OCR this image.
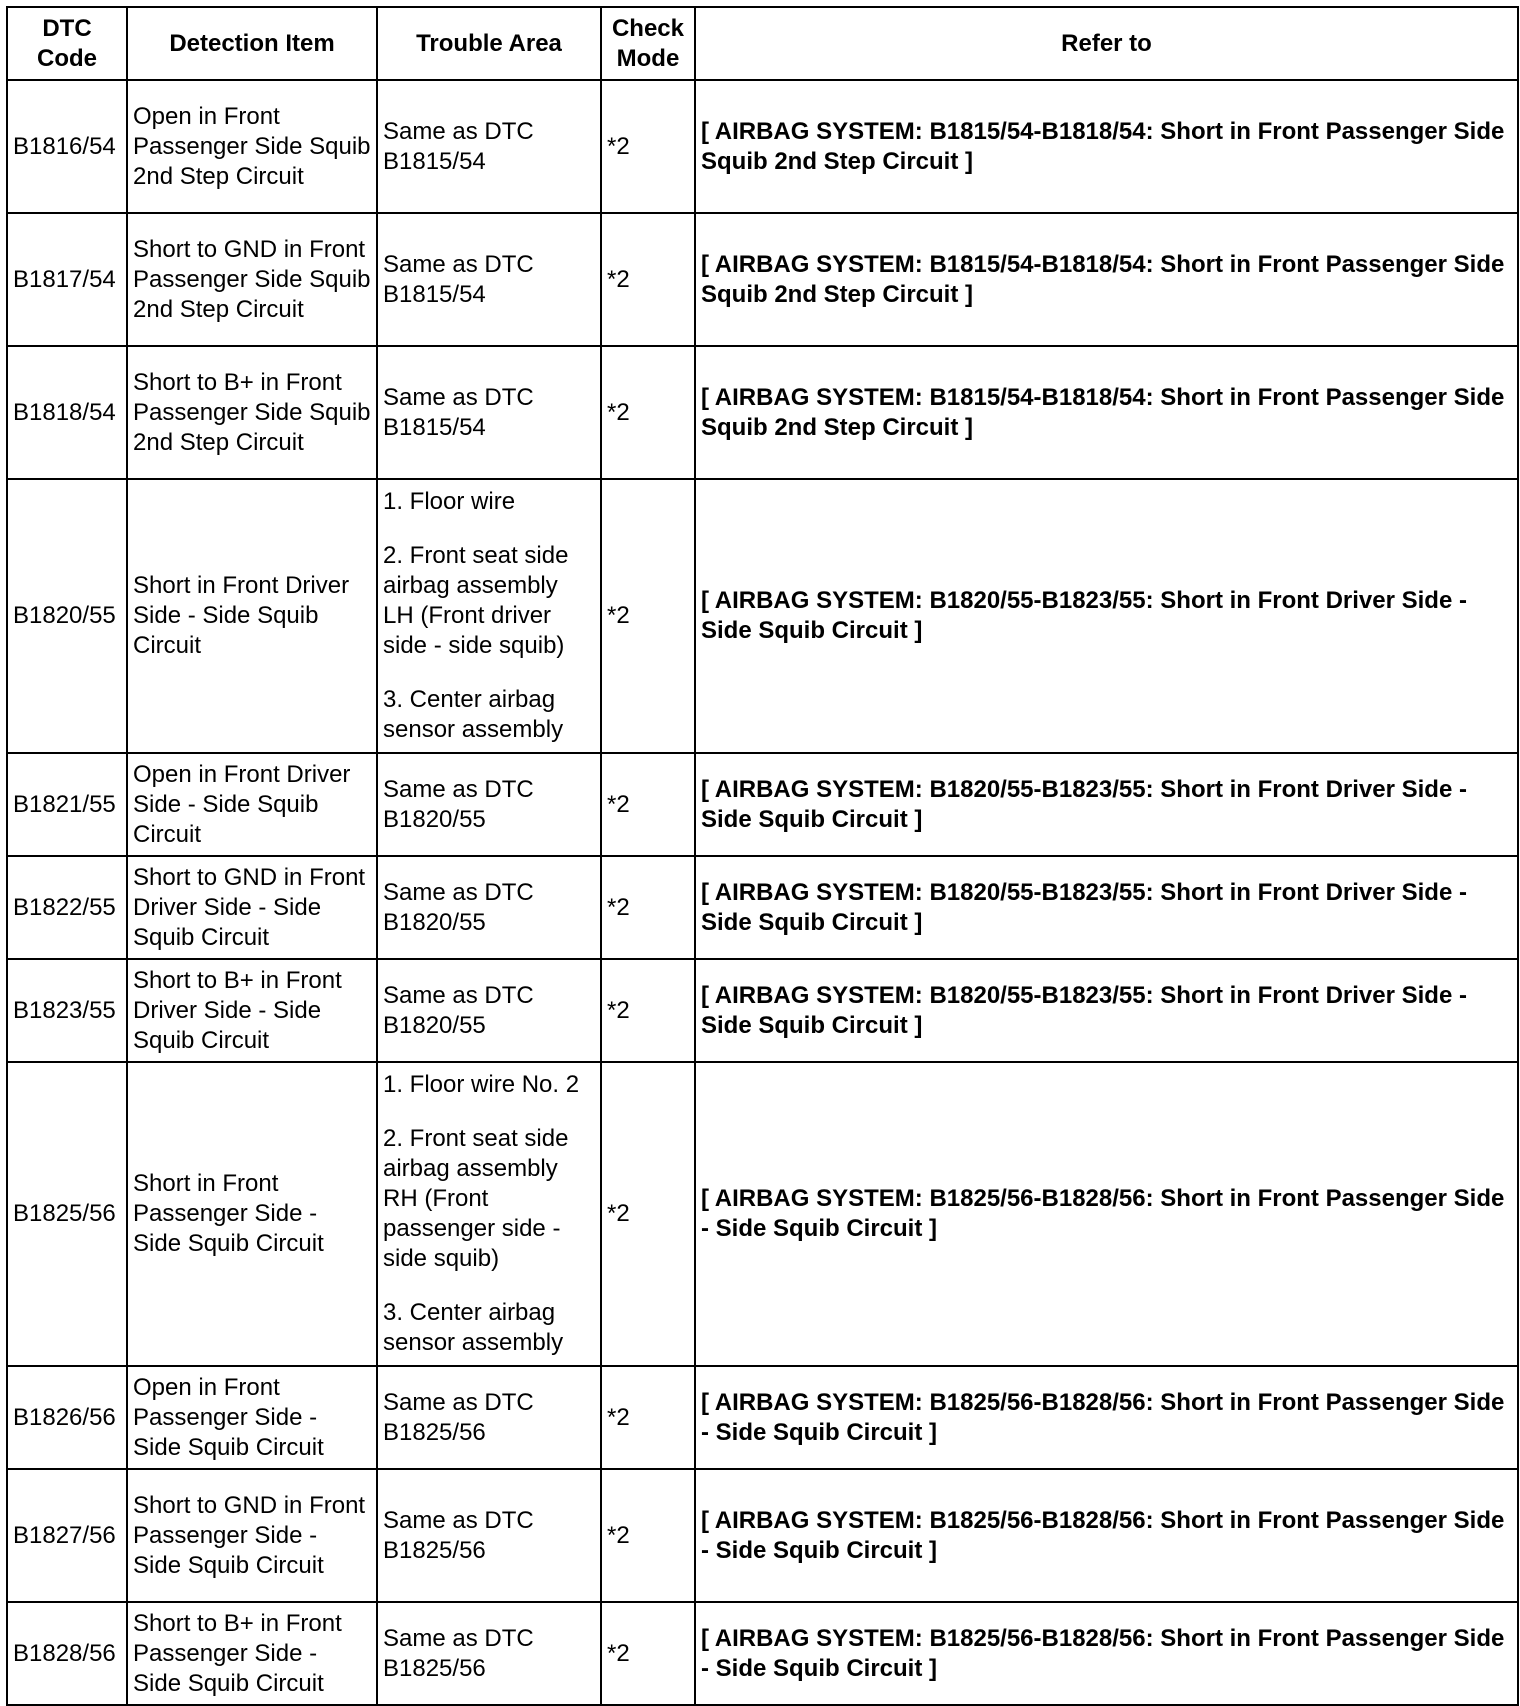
DTC Code	Detection Item	Trouble Area	Check Mode	Refer to
B1816/54	Open in Front Passenger Side Squib 2nd Step Circuit	Same as DTC B1815/54	*2	[ AIRBAG SYSTEM: B1815/54-B1818/54: Short in Front Passenger Side Squib 2nd Step Circuit ]
B1817/54	Short to GND in Front Passenger Side Squib 2nd Step Circuit	Same as DTC B1815/54	*2	[ AIRBAG SYSTEM: B1815/54-B1818/54: Short in Front Passenger Side Squib 2nd Step Circuit ]
B1818/54	Short to B+ in Front Passenger Side Squib 2nd Step Circuit	Same as DTC B1815/54	*2	[ AIRBAG SYSTEM: B1815/54-B1818/54: Short in Front Passenger Side Squib 2nd Step Circuit ]
B1820/55	Short in Front Driver Side - Side Squib Circuit	1. Floor wire
2. Front seat side airbag assembly LH (Front driver side - side squib)
3. Center airbag sensor assembly	*2	[ AIRBAG SYSTEM: B1820/55-B1823/55: Short in Front Driver Side - Side Squib Circuit ]
B1821/55	Open in Front Driver Side - Side Squib Circuit	Same as DTC B1820/55	*2	[ AIRBAG SYSTEM: B1820/55-B1823/55: Short in Front Driver Side - Side Squib Circuit ]
B1822/55	Short to GND in Front Driver Side - Side Squib Circuit	Same as DTC B1820/55	*2	[ AIRBAG SYSTEM: B1820/55-B1823/55: Short in Front Driver Side - Side Squib Circuit ]
B1823/55	Short to B+ in Front Driver Side - Side Squib Circuit	Same as DTC B1820/55	*2	[ AIRBAG SYSTEM: B1820/55-B1823/55: Short in Front Driver Side - Side Squib Circuit ]
B1825/56	Short in Front Passenger Side - Side Squib Circuit	1. Floor wire No. 2
2. Front seat side airbag assembly RH (Front passenger side - side squib)
3. Center airbag sensor assembly	*2	[ AIRBAG SYSTEM: B1825/56-B1828/56: Short in Front Passenger Side - Side Squib Circuit ]
B1826/56	Open in Front Passenger Side - Side Squib Circuit	Same as DTC B1825/56	*2	[ AIRBAG SYSTEM: B1825/56-B1828/56: Short in Front Passenger Side - Side Squib Circuit ]
B1827/56	Short to GND in Front Passenger Side - Side Squib Circuit	Same as DTC B1825/56	*2	[ AIRBAG SYSTEM: B1825/56-B1828/56: Short in Front Passenger Side - Side Squib Circuit ]
B1828/56	Short to B+ in Front Passenger Side - Side Squib Circuit	Same as DTC B1825/56	*2	[ AIRBAG SYSTEM: B1825/56-B1828/56: Short in Front Passenger Side - Side Squib Circuit ]
